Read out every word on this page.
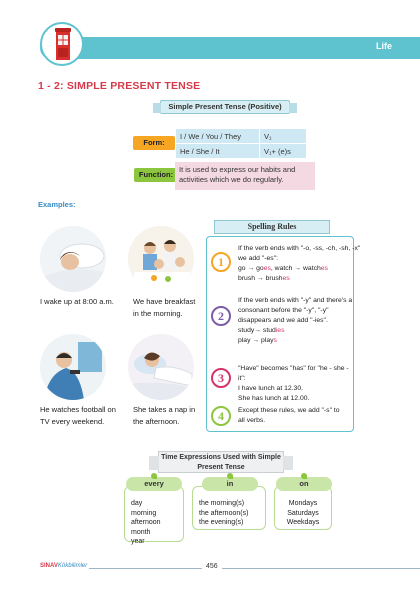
Life
1 - 2: SIMPLE PRESENT TENSE
Simple Present Tense (Positive)
Form:
I / We / You / They	V₁
He / She / It	V₁+ (e)s
Function:
It is used to express our habits and activities which we do regularly.
Examples:
I wake up at 8:00 a.m.	We have breakfast in the morning.
He watches football on TV every weekend.
She takes a nap in the afternoon.
Spelling Rules
1
If the verb ends with "-o, -ss, -ch, -sh, -x" we add "-es":
go → goes, watch → watches
brush → brushes
2
If the verb ends with "-y" and there's a consonant before the "-y", "-y" disappears and we add "-ies".
study→ studies
play → plays
3
"Have" becomes "has" for "he - she - it":
I have lunch at 12.30.
She has lunch at 12.00.
4	Except these rules, we add "-s" to all verbs.
Time Expressions Used with Simple
Present Tense
day
morning
afternoon
month
year
the morning(s)
the afternoon(s)
the evening(s)
Mondays
Saturdays
Weekdays
every	in	on
SINAVKökbilimler	456
